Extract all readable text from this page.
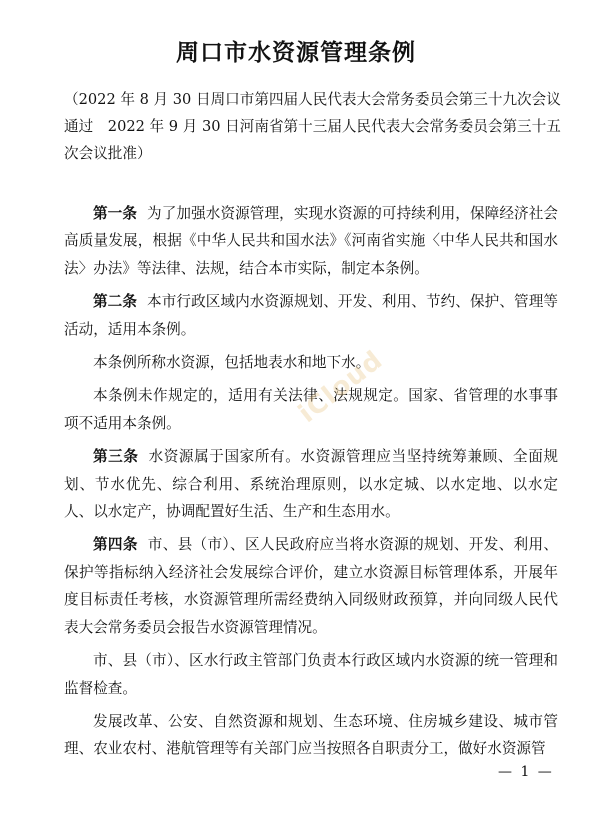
周口市水资源管理条例
（2022 年 8 月 30 日周口市第四届人民代表大会常务委员会第三十九次会议通过　2022 年 9 月 30 日河南省第十三届人民代表大会常务委员会第三十五次会议批准）

第一条 为了加强水资源管理，实现水资源的可持续利用，保障经济社会高质量发展，根据《中华人民共和国水法》《河南省实施〈中华人民共和国水法〉办法》等法律、法规，结合本市实际，制定本条例。

第二条 本市行政区域内水资源规划、开发、利用、节约、保护、管理等活动，适用本条例。

本条例所称水资源，包括地表水和地下水。

本条例未作规定的，适用有关法律、法规规定。国家、省管理的水事事项不适用本条例。

第三条 水资源属于国家所有。水资源管理应当坚持统筹兼顾、全面规划、节水优先、综合利用、系统治理原则，以水定城、以水定地、以水定人、以水定产，协调配置好生活、生产和生态用水。

第四条 市、县（市）、区人民政府应当将水资源的规划、开发、利用、保护等指标纳入经济社会发展综合评价，建立水资源目标管理体系，开展年度目标责任考核，水资源管理所需经费纳入同级财政预算，并向同级人民代表大会常务委员会报告水资源管理情况。

市、县（市）、区水行政主管部门负责本行政区域内水资源的统一管理和监督检查。

发展改革、公安、自然资源和规划、生态环境、住房城乡建设、城市管理、农业农村、港航管理等有关部门应当按照各自职责分工，做好水资源管

iCloud
— 1 —
